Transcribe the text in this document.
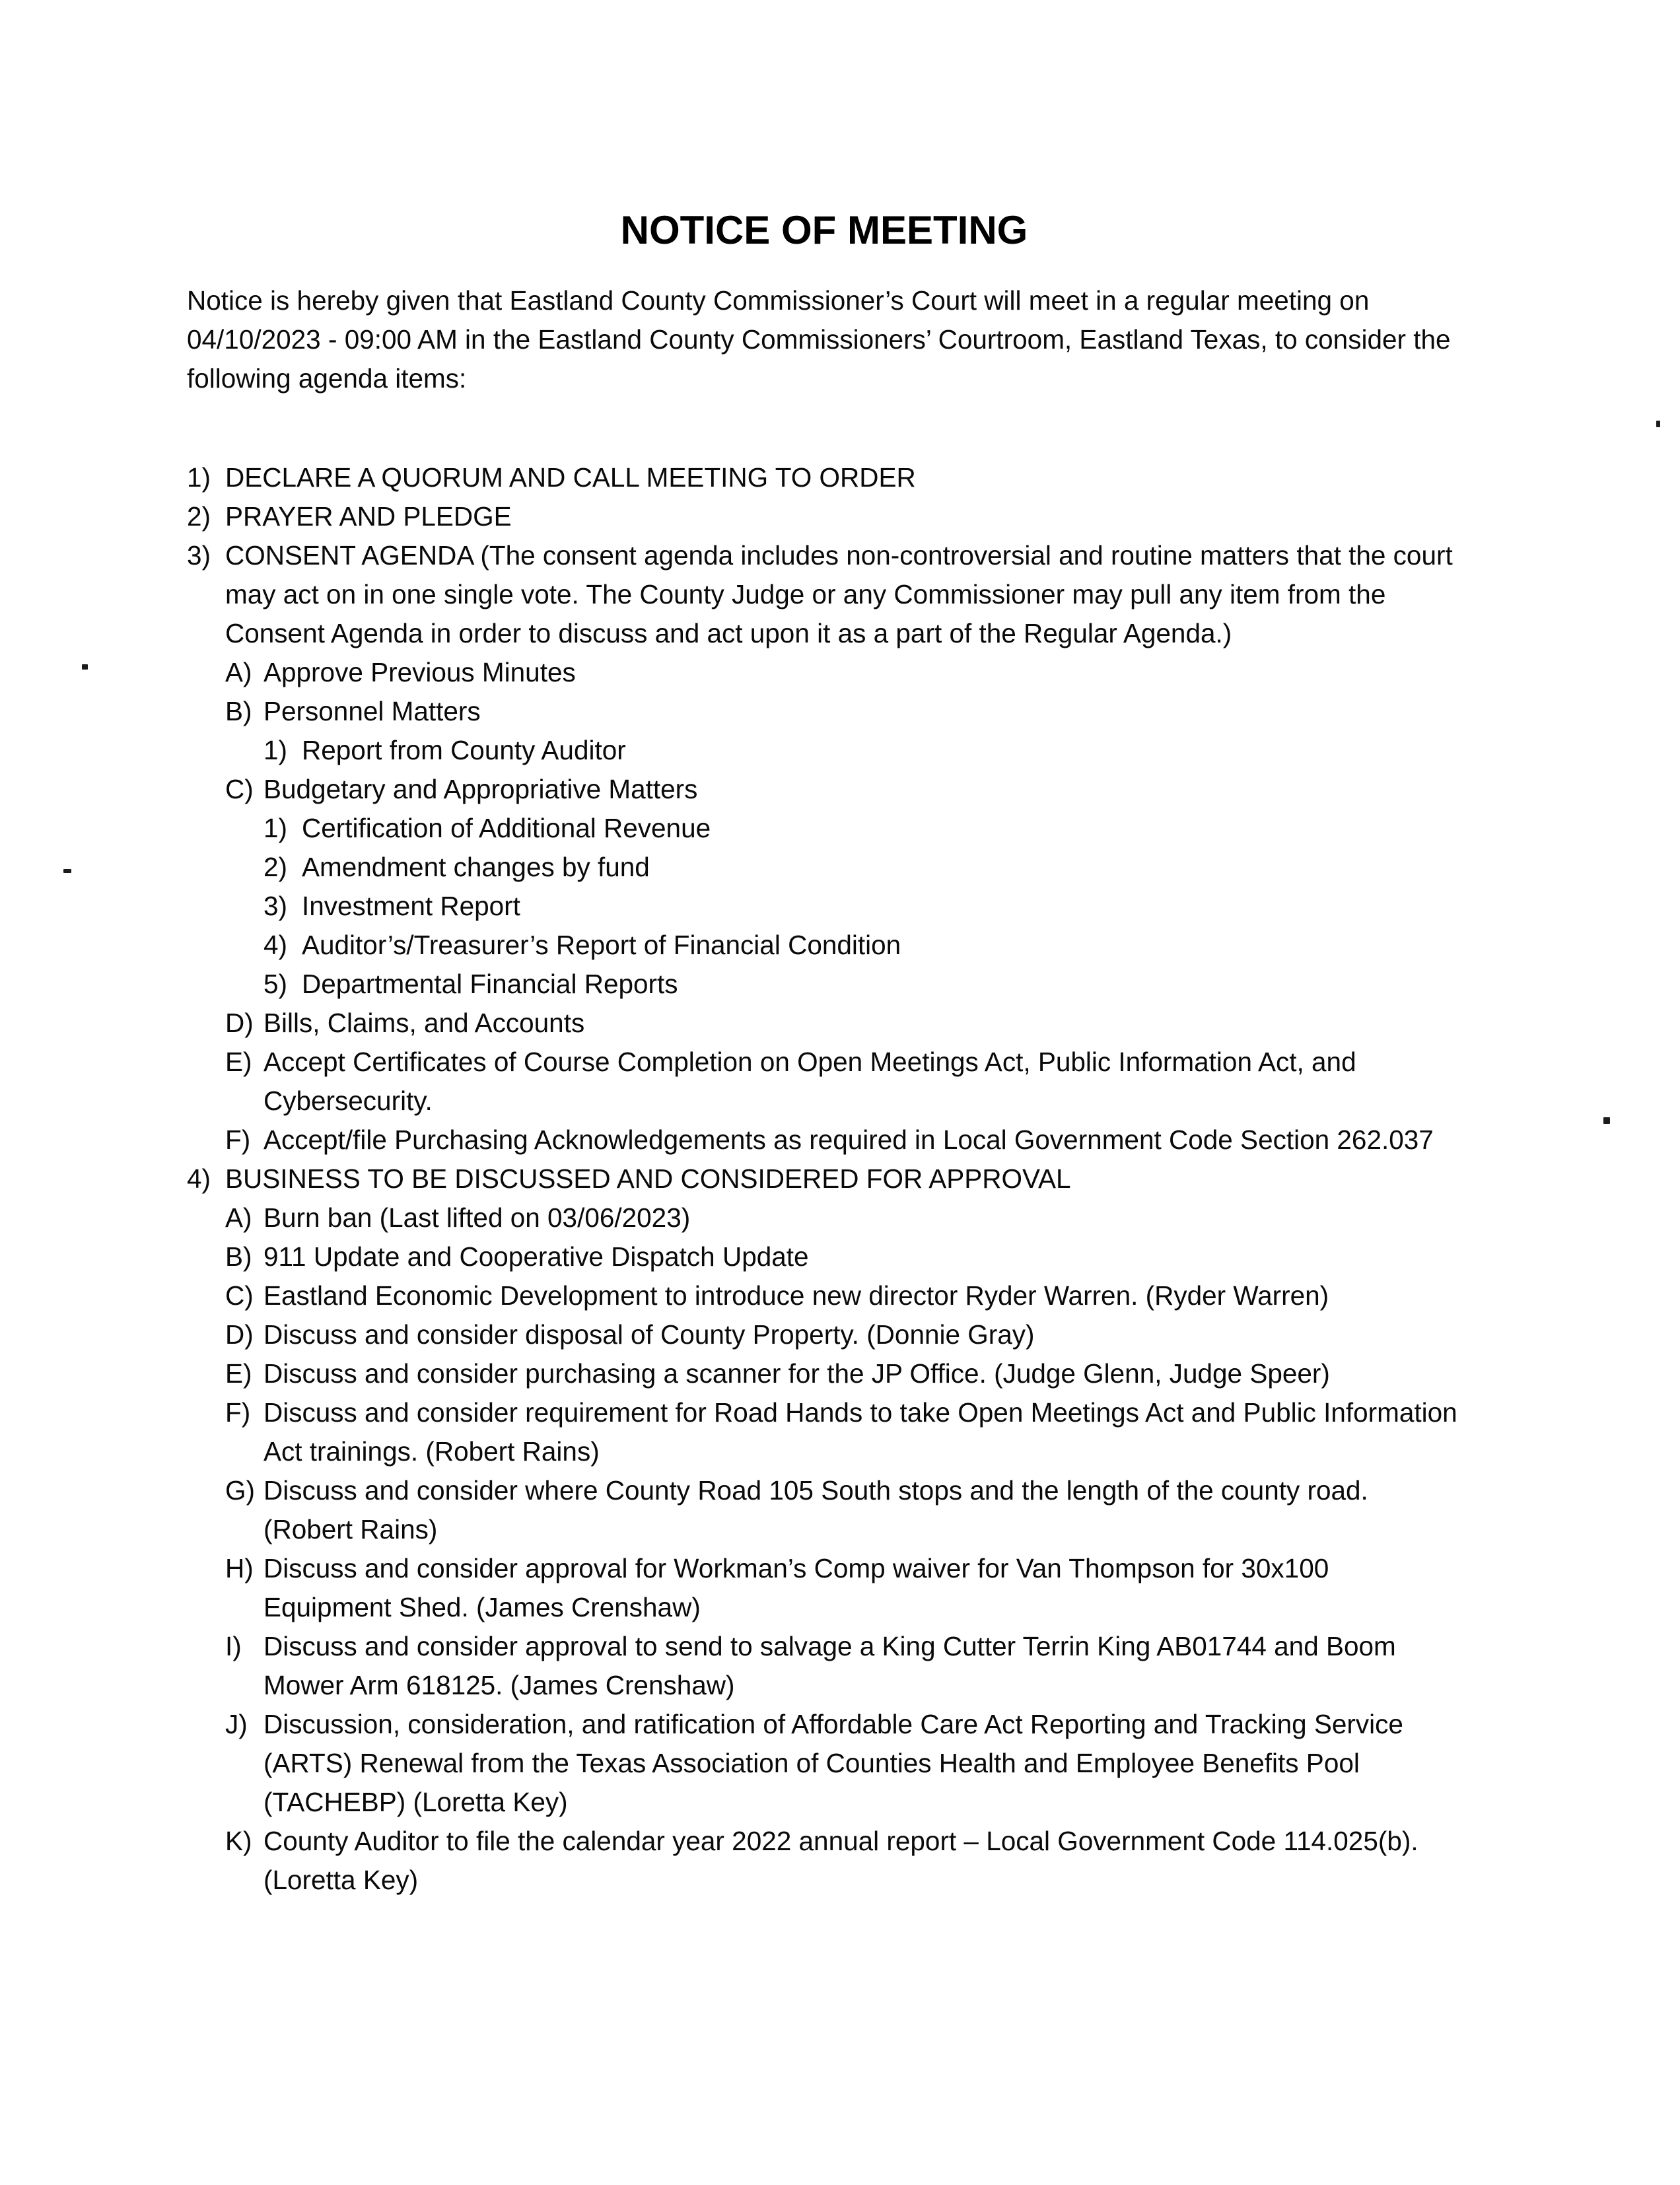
NOTICE OF MEETING
Notice is hereby given that Eastland County Commissioner’s Court will meet in a regular meeting on 04/10/2023 - 09:00 AM in the Eastland County Commissioners’ Courtroom, Eastland Texas, to consider the following agenda items:
1) DECLARE A QUORUM AND CALL MEETING TO ORDER
2) PRAYER AND PLEDGE
3) CONSENT AGENDA (The consent agenda includes non-controversial and routine matters that the court may act on in one single vote. The County Judge or any Commissioner may pull any item from the Consent Agenda in order to discuss and act upon it as a part of the Regular Agenda.)
A) Approve Previous Minutes
B) Personnel Matters
1) Report from County Auditor
C) Budgetary and Appropriative Matters
1) Certification of Additional Revenue
2) Amendment changes by fund
3) Investment Report
4) Auditor’s/Treasurer’s Report of Financial Condition
5) Departmental Financial Reports
D) Bills, Claims, and Accounts
E) Accept Certificates of Course Completion on Open Meetings Act, Public Information Act, and Cybersecurity.
F) Accept/file Purchasing Acknowledgements as required in Local Government Code Section 262.037
4) BUSINESS TO BE DISCUSSED AND CONSIDERED FOR APPROVAL
A) Burn ban (Last lifted on 03/06/2023)
B) 911 Update and Cooperative Dispatch Update
C) Eastland Economic Development to introduce new director Ryder Warren. (Ryder Warren)
D) Discuss and consider disposal of County Property. (Donnie Gray)
E) Discuss and consider purchasing a scanner for the JP Office. (Judge Glenn, Judge Speer)
F) Discuss and consider requirement for Road Hands to take Open Meetings Act and Public Information Act trainings. (Robert Rains)
G) Discuss and consider where County Road 105 South stops and the length of the county road. (Robert Rains)
H) Discuss and consider approval for Workman’s Comp waiver for Van Thompson for 30x100 Equipment Shed. (James Crenshaw)
I) Discuss and consider approval to send to salvage a King Cutter Terrin King AB01744 and Boom Mower Arm 618125. (James Crenshaw)
J) Discussion, consideration, and ratification of Affordable Care Act Reporting and Tracking Service (ARTS) Renewal from the Texas Association of Counties Health and Employee Benefits Pool (TACHEBP) (Loretta Key)
K) County Auditor to file the calendar year 2022 annual report – Local Government Code 114.025(b). (Loretta Key)
